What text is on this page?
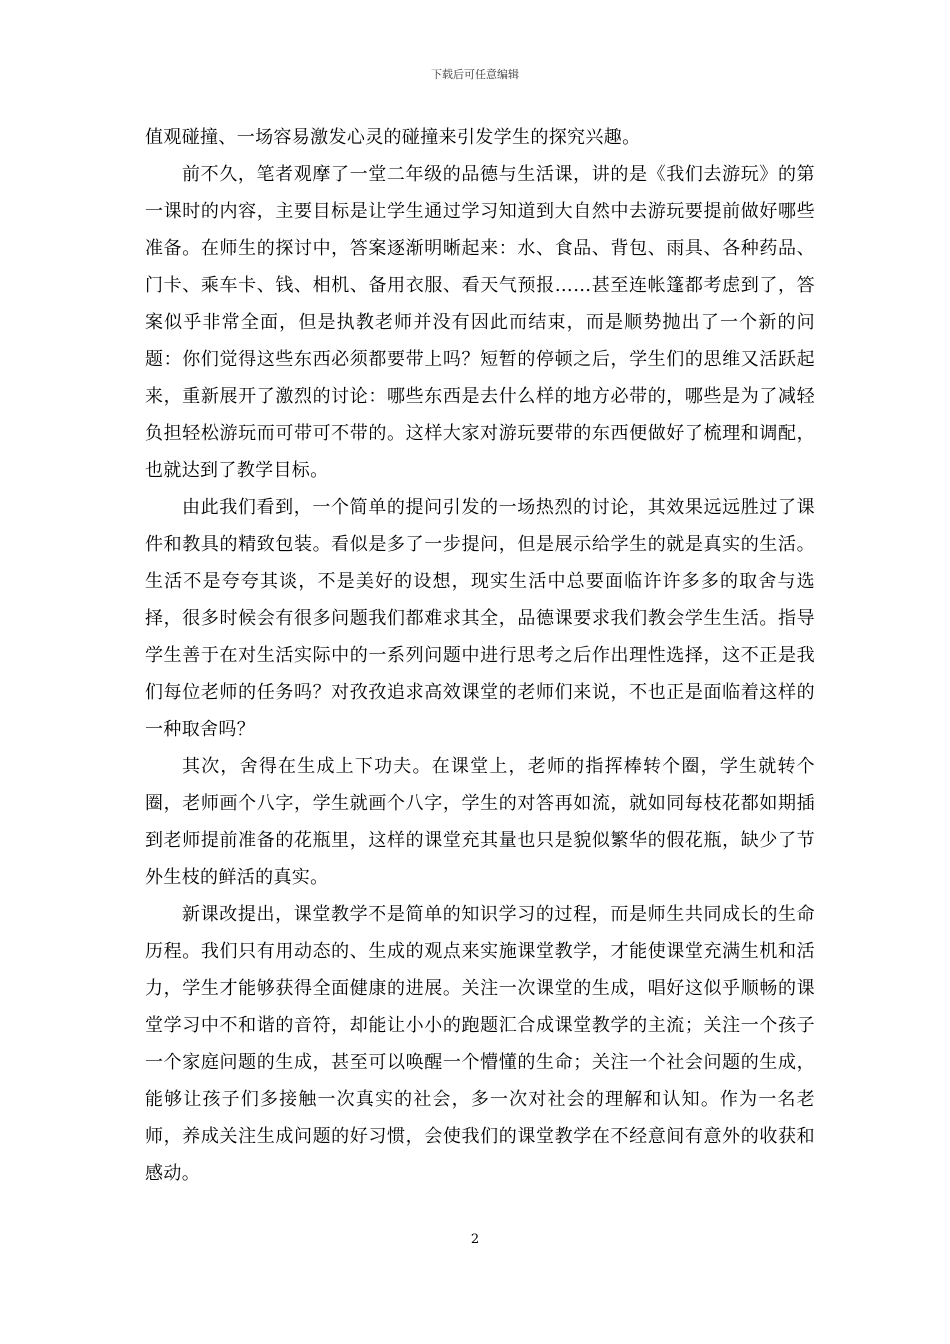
下载后可任意编辑

值观碰撞、一场容易激发心灵的碰撞来引发学生的探究兴趣。

前不久，笔者观摩了一堂二年级的品德与生活课，讲的是《我们去游玩》的第一课时的内容，主要目标是让学生通过学习知道到大自然中去游玩要提前做好哪些准备。在师生的探讨中，答案逐渐明晰起来：水、食品、背包、雨具、各种药品、门卡、乘车卡、钱、相机、备用衣服、看天气预报……甚至连帐篷都考虑到了，答案似乎非常全面，但是执教老师并没有因此而结束，而是顺势抛出了一个新的问题：你们觉得这些东西必须都要带上吗？短暂的停顿之后，学生们的思维又活跃起来，重新展开了激烈的讨论：哪些东西是去什么样的地方必带的，哪些是为了减轻负担轻松游玩而可带可不带的。这样大家对游玩要带的东西便做好了梳理和调配，也就达到了教学目标。

由此我们看到，一个简单的提问引发的一场热烈的讨论，其效果远远胜过了课件和教具的精致包装。看似是多了一步提问，但是展示给学生的就是真实的生活。生活不是夸夸其谈，不是美好的设想，现实生活中总要面临许许多多的取舍与选择，很多时候会有很多问题我们都难求其全，品德课要求我们教会学生生活。指导学生善于在对生活实际中的一系列问题中进行思考之后作出理性选择，这不正是我们每位老师的任务吗？对孜孜追求高效课堂的老师们来说，不也正是面临着这样的一种取舍吗？

其次，舍得在生成上下功夫。在课堂上，老师的指挥棒转个圈，学生就转个圈，老师画个八字，学生就画个八字，学生的对答再如流，就如同每枝花都如期插到老师提前准备的花瓶里，这样的课堂充其量也只是貌似繁华的假花瓶，缺少了节外生枝的鲜活的真实。

新课改提出，课堂教学不是简单的知识学习的过程，而是师生共同成长的生命历程。我们只有用动态的、生成的观点来实施课堂教学，才能使课堂充满生机和活力，学生才能够获得全面健康的进展。关注一次课堂的生成，唱好这似乎顺畅的课堂学习中不和谐的音符，却能让小小的跑题汇合成课堂教学的主流；关注一个孩子一个家庭问题的生成，甚至可以唤醒一个懵懂的生命；关注一个社会问题的生成，能够让孩子们多接触一次真实的社会，多一次对社会的理解和认知。作为一名老师，养成关注生成问题的好习惯，会使我们的课堂教学在不经意间有意外的收获和感动。

2
